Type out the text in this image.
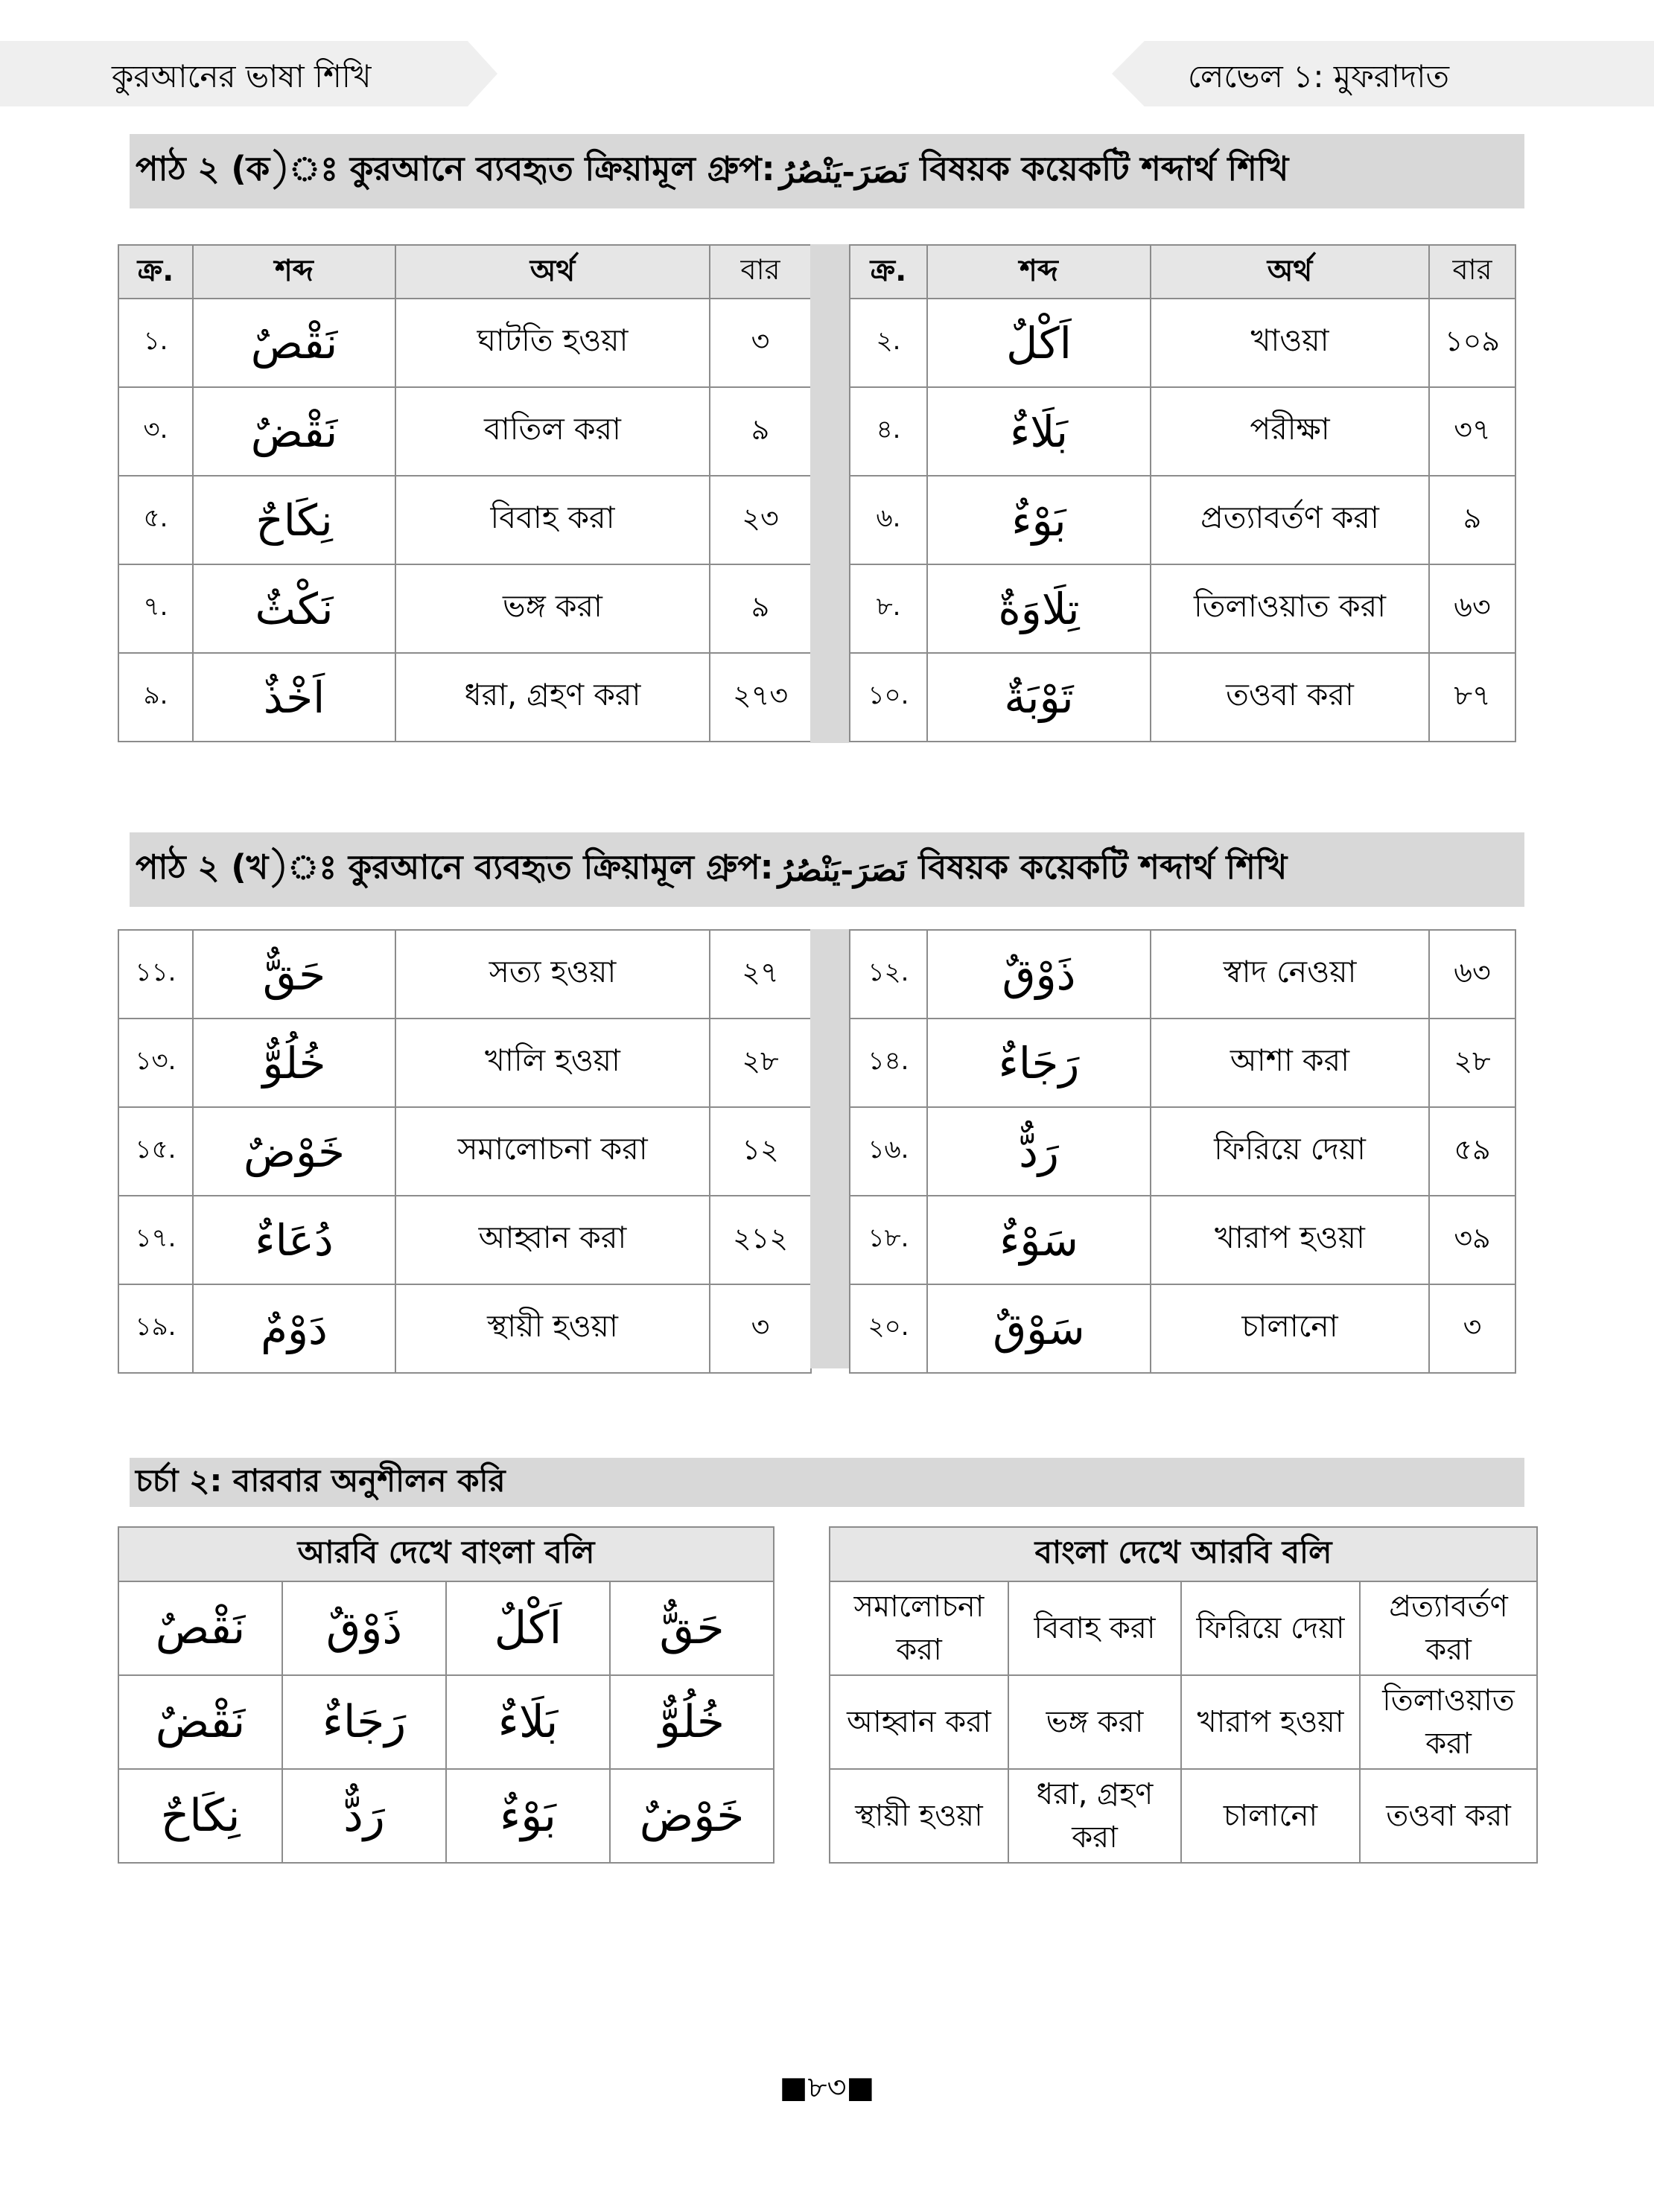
কুরআনের ভাষা শিখি	লেভেল ১: মুফরাদাত
পাঠ ২ (ক)ঃ কুরআনে ব্যবহৃত ক্রিয়ামূল গ্রুপ: نَصَرَ-يَنْصُرُ বিষয়ক কয়েকটি শব্দার্থ শিখি
ক্র.	শব্দ	অর্থ	বার
১.	نَقْصٌ	ঘাটতি হওয়া	৩
৩.	نَقْضٌ	বাতিল করা	৯
৫.	نِكَاحٌ	বিবাহ করা	২৩
৭.	نَكْثٌ	ভঙ্গ করা	৯
৯.	اَخْذٌ	ধরা, গ্রহণ করা	২৭৩
ক্র.	শব্দ	অর্থ	বার
২.	اَكْلٌ	খাওয়া	১০৯
৪.	بَلَاءٌ	পরীক্ষা	৩৭
৬.	بَوْءٌ	প্রত্যাবর্তণ করা	৯
৮.	تِلَاوَةٌ	তিলাওয়াত করা	৬৩
১০.	تَوْبَةٌ	তওবা করা	৮৭
পাঠ ২ (খ)ঃ কুরআনে ব্যবহৃত ক্রিয়ামূল গ্রুপ: نَصَرَ-يَنْصُرُ বিষয়ক কয়েকটি শব্দার্থ শিখি
১১.	حَقٌّ	সত্য হওয়া	২৭
১৩.	خُلُوٌّ	খালি হওয়া	২৮
১৫.	خَوْضٌ	সমালোচনা করা	১২
১৭.	دُعَاءٌ	আহ্বান করা	২১২
১৯.	دَوْمٌ	স্থায়ী হওয়া	৩
১২.	ذَوْقٌ	স্বাদ নেওয়া	৬৩
১৪.	رَجَاءٌ	আশা করা	২৮
১৬.	رَدٌّ	ফিরিয়ে দেয়া	৫৯
১৮.	سَوْءٌ	খারাপ হওয়া	৩৯
২০.	سَوْقٌ	চালানো	৩
চর্চা ২: বারবার অনুশীলন করি
আরবি দেখে বাংলা বলি			
نَقْصٌ	ذَوْقٌ	اَكْلٌ	حَقٌّ
نَقْضٌ	رَجَاءٌ	بَلَاءٌ	خُلُوٌّ
نِكَاحٌ	رَدٌّ	بَوْءٌ	خَوْضٌ
বাংলা দেখে আরবি বলি			
সমালোচনা করা	বিবাহ করা	ফিরিয়ে দেয়া	প্রত্যাবর্তণ করা
আহ্বান করা	ভঙ্গ করা	খারাপ হওয়া	তিলাওয়াত করা
স্থায়ী হওয়া	ধরা, গ্রহণ করা	চালানো	তওবা করা
■৮৩■
